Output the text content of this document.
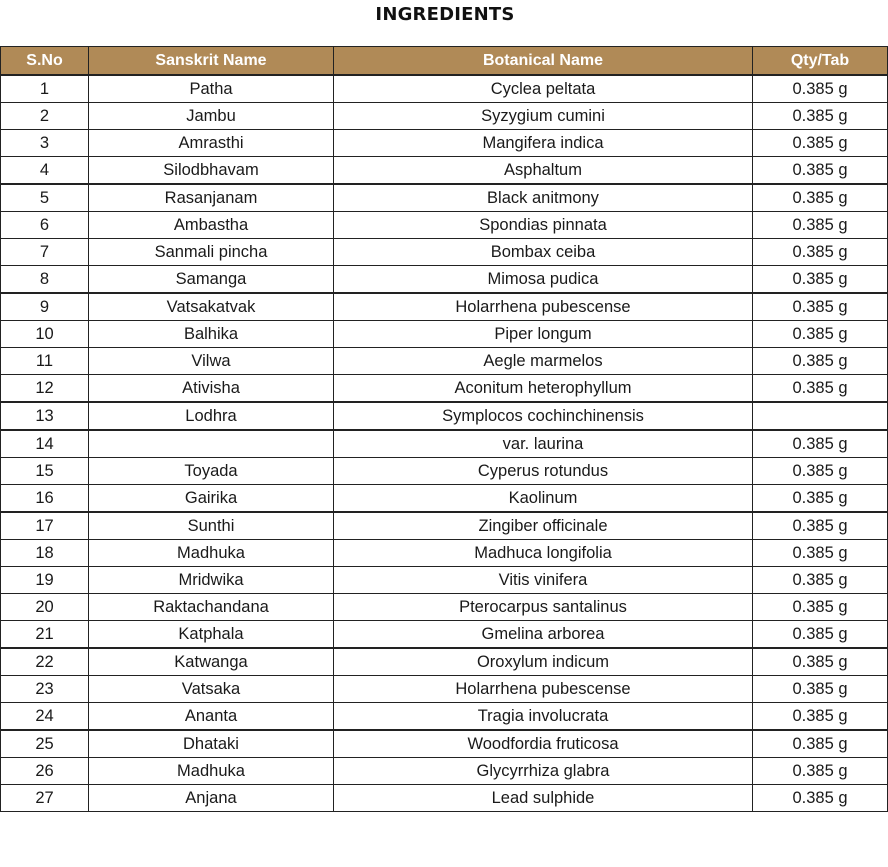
INGREDIENTS
S.No	Sanskrit Name	Botanical Name	Qty/Tab
1	Patha	Cyclea peltata	0.385 g
2	Jambu	Syzygium cumini	0.385 g
3	Amrasthi	Mangifera indica	0.385 g
4	Silodbhavam	Asphaltum	0.385 g
5	Rasanjanam	Black anitmony	0.385 g
6	Ambastha	Spondias pinnata	0.385 g
7	Sanmali pincha	Bombax ceiba	0.385 g
8	Samanga	Mimosa pudica	0.385 g
9	Vatsakatvak	Holarrhena pubescense	0.385 g
10	Balhika	Piper longum	0.385 g
11	Vilwa	Aegle marmelos	0.385 g
12	Ativisha	Aconitum heterophyllum	0.385 g
13	Lodhra	Symplocos cochinchinensis	
14		var. laurina	0.385 g
15	Toyada	Cyperus rotundus	0.385 g
16	Gairika	Kaolinum	0.385 g
17	Sunthi	Zingiber officinale	0.385 g
18	Madhuka	Madhuca longifolia	0.385 g
19	Mridwika	Vitis vinifera	0.385 g
20	Raktachandana	Pterocarpus santalinus	0.385 g
21	Katphala	Gmelina arborea	0.385 g
22	Katwanga	Oroxylum indicum	0.385 g
23	Vatsaka	Holarrhena pubescense	0.385 g
24	Ananta	Tragia involucrata	0.385 g
25	Dhataki	Woodfordia fruticosa	0.385 g
26	Madhuka	Glycyrrhiza glabra	0.385 g
27	Anjana	Lead sulphide	0.385 g
